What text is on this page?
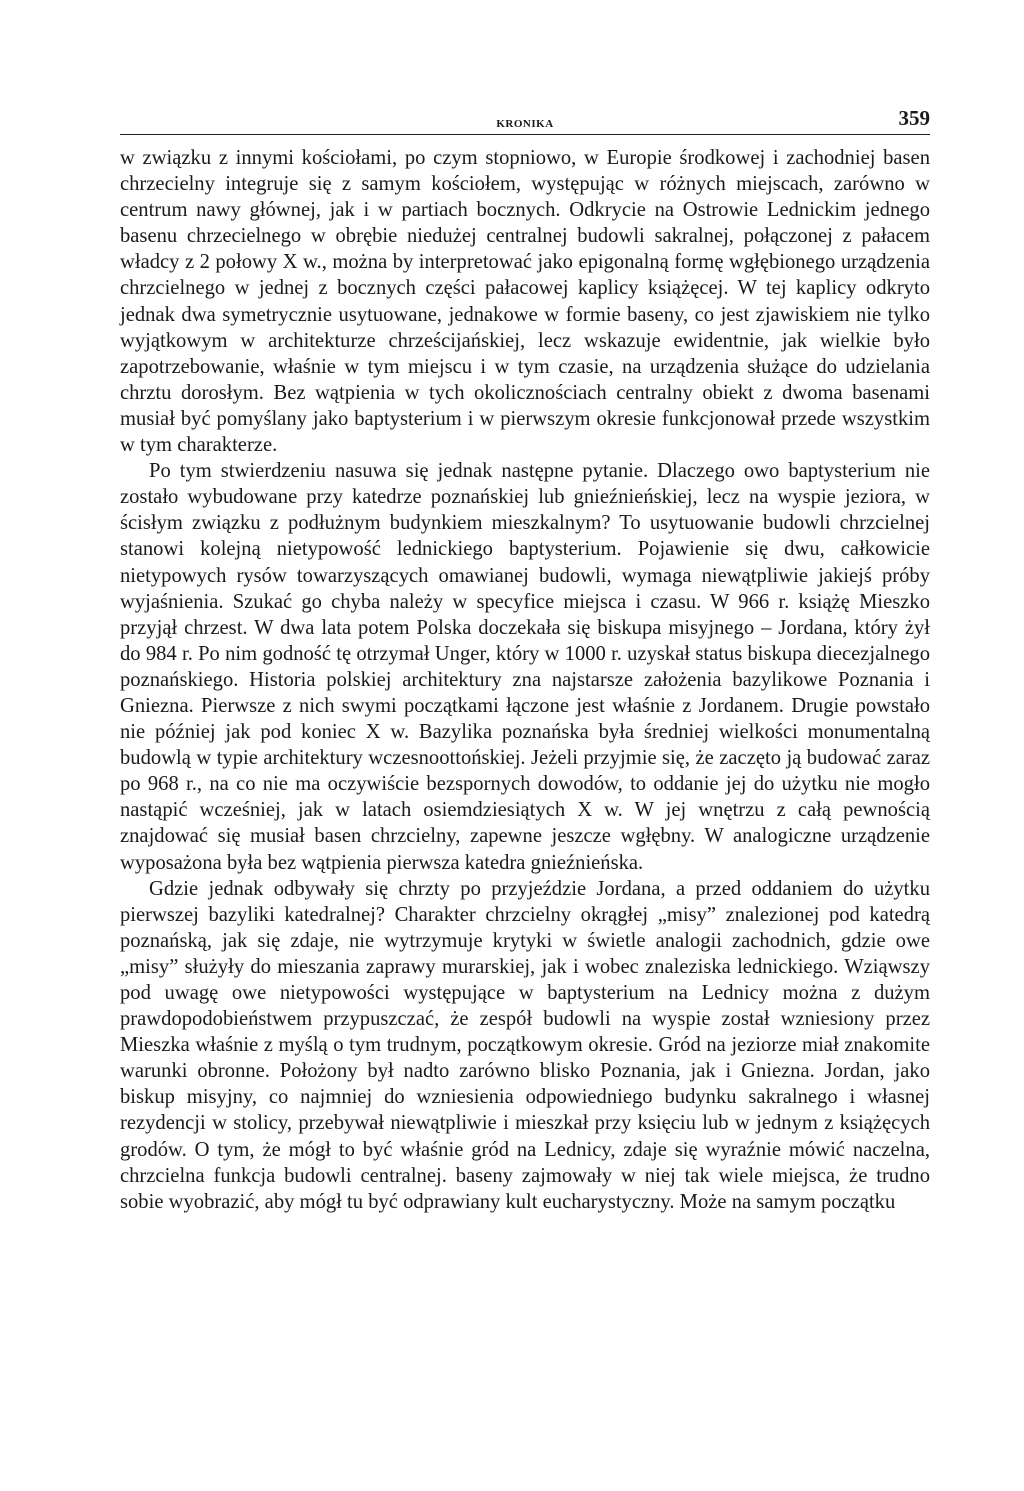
KRONIKA	359

w związku z innymi kościołami, po czym stopniowo, w Europie środkowej i zachodniej basen chrzecielny integruje się z samym kościołem, występując w różnych miejscach, zarówno w centrum nawy głównej, jak i w partiach bocznych. Odkrycie na Ostrowie Lednickim jednego basenu chrzecielnego w obrębie niedużej centralnej budowli sakralnej, połączonej z pałacem władcy z 2 połowy X w., można by interpretować jako epigonalną formę wgłębionego urządzenia chrzcielnego w jednej z bocznych części pałacowej kaplicy książęcej. W tej kaplicy odkryto jednak dwa symetrycznie usytuowane, jednakowe w formie baseny, co jest zjawiskiem nie tylko wyjątkowym w architekturze chrześcijańskiej, lecz wskazuje ewidentnie, jak wielkie było zapotrzebowanie, właśnie w tym miejscu i w tym czasie, na urządzenia służące do udzielania chrztu dorosłym. Bez wątpienia w tych okolicznościach centralny obiekt z dwoma basenami musiał być pomyślany jako baptysterium i w pierwszym okresie funkcjonował przede wszystkim w tym charakterze.

Po tym stwierdzeniu nasuwa się jednak następne pytanie. Dlaczego owo baptysterium nie zostało wybudowane przy katedrze poznańskiej lub gnieźnieńskiej, lecz na wyspie jeziora, w ścisłym związku z podłużnym budynkiem mieszkalnym? To usytuowanie budowli chrzcielnej stanowi kolejną nietypowość lednickiego baptysterium. Pojawienie się dwu, całkowicie nietypowych rysów towarzyszących omawianej budowli, wymaga niewątpliwie jakiejś próby wyjaśnienia. Szukać go chyba należy w specyfice miejsca i czasu. W 966 r. książę Mieszko przyjął chrzest. W dwa lata potem Polska doczekała się biskupa misyjnego – Jordana, który żył do 984 r. Po nim godność tę otrzymał Unger, który w 1000 r. uzyskał status biskupa diecezjalnego poznańskiego. Historia polskiej architektury zna najstarsze założenia bazylikowe Poznania i Gniezna. Pierwsze z nich swymi początkami łączone jest właśnie z Jordanem. Drugie powstało nie później jak pod koniec X w. Bazylika poznańska była średniej wielkości monumentalną budowlą w typie architektury wczesnoottońskiej. Jeżeli przyjmie się, że zaczęto ją budować zaraz po 968 r., na co nie ma oczywiście bezspornych dowodów, to oddanie jej do użytku nie mogło nastąpić wcześniej, jak w latach osiemdziesiątych X w. W jej wnętrzu z całą pewnością znajdować się musiał basen chrzcielny, zapewne jeszcze wgłębny. W analogiczne urządzenie wyposażona była bez wątpienia pierwsza katedra gnieźnieńska.

Gdzie jednak odbywały się chrzty po przyjeździe Jordana, a przed oddaniem do użytku pierwszej bazyliki katedralnej? Charakter chrzcielny okrągłej „misy” znalezionej pod katedrą poznańską, jak się zdaje, nie wytrzymuje krytyki w świetle analogii zachodnich, gdzie owe „misy” służyły do mieszania zaprawy murarskiej, jak i wobec znaleziska lednickiego. Wziąwszy pod uwagę owe nietypowości występujące w baptysterium na Lednicy można z dużym prawdopodobieństwem przypuszczać, że zespół budowli na wyspie został wzniesiony przez Mieszka właśnie z myślą o tym trudnym, początkowym okresie. Gród na jeziorze miał znakomite warunki obronne. Położony był nadto zarówno blisko Poznania, jak i Gniezna. Jordan, jako biskup misyjny, co najmniej do wzniesienia odpowiedniego budynku sakralnego i własnej rezydencji w stolicy, przebywał niewątpliwie i mieszkał przy księciu lub w jednym z książęcych grodów. O tym, że mógł to być właśnie gród na Lednicy, zdaje się wyraźnie mówić naczelna, chrzcielna funkcja budowli centralnej. baseny zajmowały w niej tak wiele miejsca, że trudno sobie wyobrazić, aby mógł tu być odprawiany kult eucharystyczny. Może na samym początku
